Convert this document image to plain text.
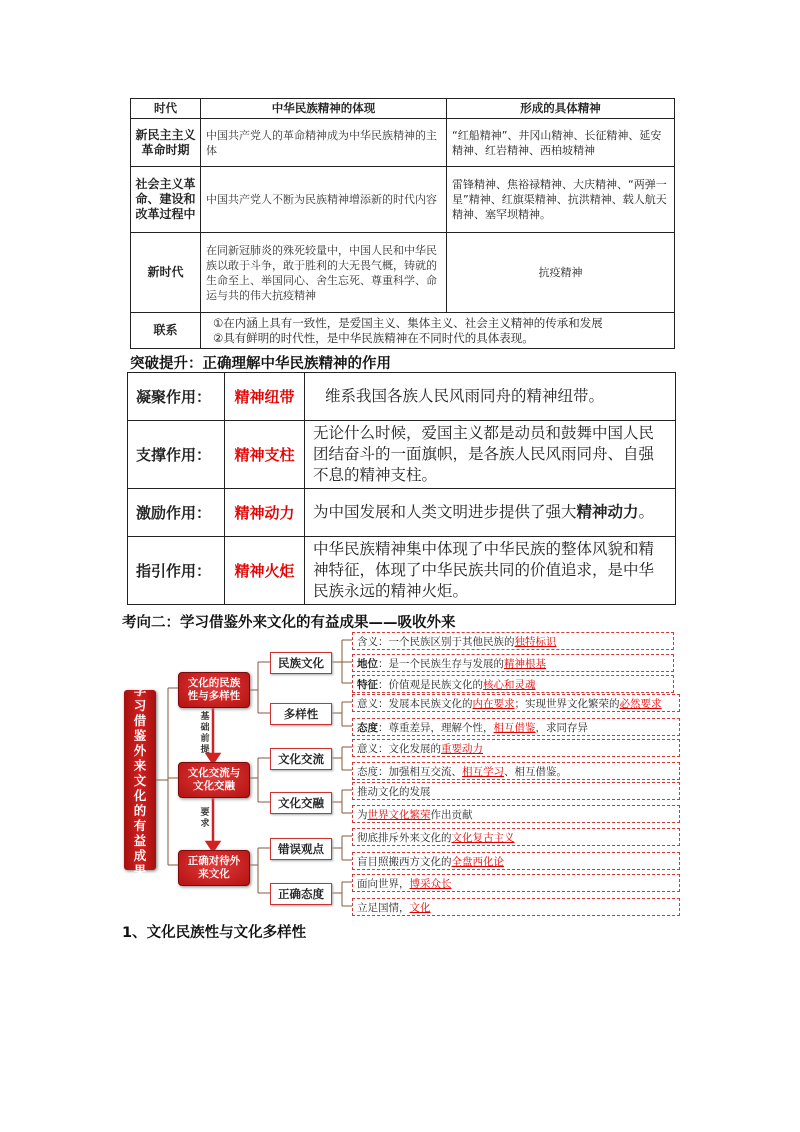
时代	中华民族精神的体现	形成的具体精神
新民主主义革命时期	中国共产党人的革命精神成为中华民族精神的主体	“红船精神”、井冈山精神、长征精神、延安精神、红岩精神、西柏坡精神
社会主义革命、建设和改革过程中	中国共产党人不断为民族精神增添新的时代内容	雷锋精神、焦裕禄精神、大庆精神、“两弹一星”精神、红旗渠精神、抗洪精神、载人航天精神、塞罕坝精神。
新时代	在同新冠肺炎的殊死较量中，中国人民和中华民族以敢于斗争，敢于胜利的大无畏气概，铸就的生命至上、举国同心、舍生忘死、尊重科学、命运与共的伟大抗疫精神	抗疫精神
联系	①在内涵上具有一致性，是爱国主义、集体主义、社会主义精神的传承和发展
②具有鲜明的时代性，是中华民族精神在不同时代的具体表现。	
突破提升：正确理解中华民族精神的作用
凝聚作用：	精神纽带	维系我国各族人民风雨同舟的精神纽带。
支撑作用：	精神支柱	无论什么时候，爱国主义都是动员和鼓舞中国人民团结奋斗的一面旗帜，是各族人民风雨同舟、自强不息的精神支柱。
激励作用：	精神动力	为中国发展和人类文明进步提供了强大精神动力。
指引作用：	精神火炬	中华民族精神集中体现了中华民族的整体风貌和精神特征，体现了中华民族共同的价值追求，是中华民族永远的精神火炬。
考向二：学习借鉴外来文化的有益成果——吸收外来
学习借鉴外来文化的有益成果
文化的民族性与多样性
文化交流与文化交融
正确对待外来文化
基础前提
要求
民族文化
多样性
文化交流
文化交融
错误观点
正确态度
含义：一个民族区别于其他民族的 独特标识
地位 ：是一个民族生存与发展的 精神根基
特征 ：价值观是民族文化的 核心和灵魂
意义：发展本民族文化的 内在要求 ；实现世界文化繁荣的 必然要求
态度 ：尊重差异，理解个性， 相互借鉴 ，求同存异
意义：文化发展的 重要动力
态度：加强相互交流、 相互学习 、相互借鉴。
推动文化的发展
为 世界文化繁荣 作出贡献
彻底排斥外来文化的 文化复古主义
盲目照搬西方文化的 全盘西化论
面向世界， 博采众长
立足国情， 文化
1、文化民族性与文化多样性
